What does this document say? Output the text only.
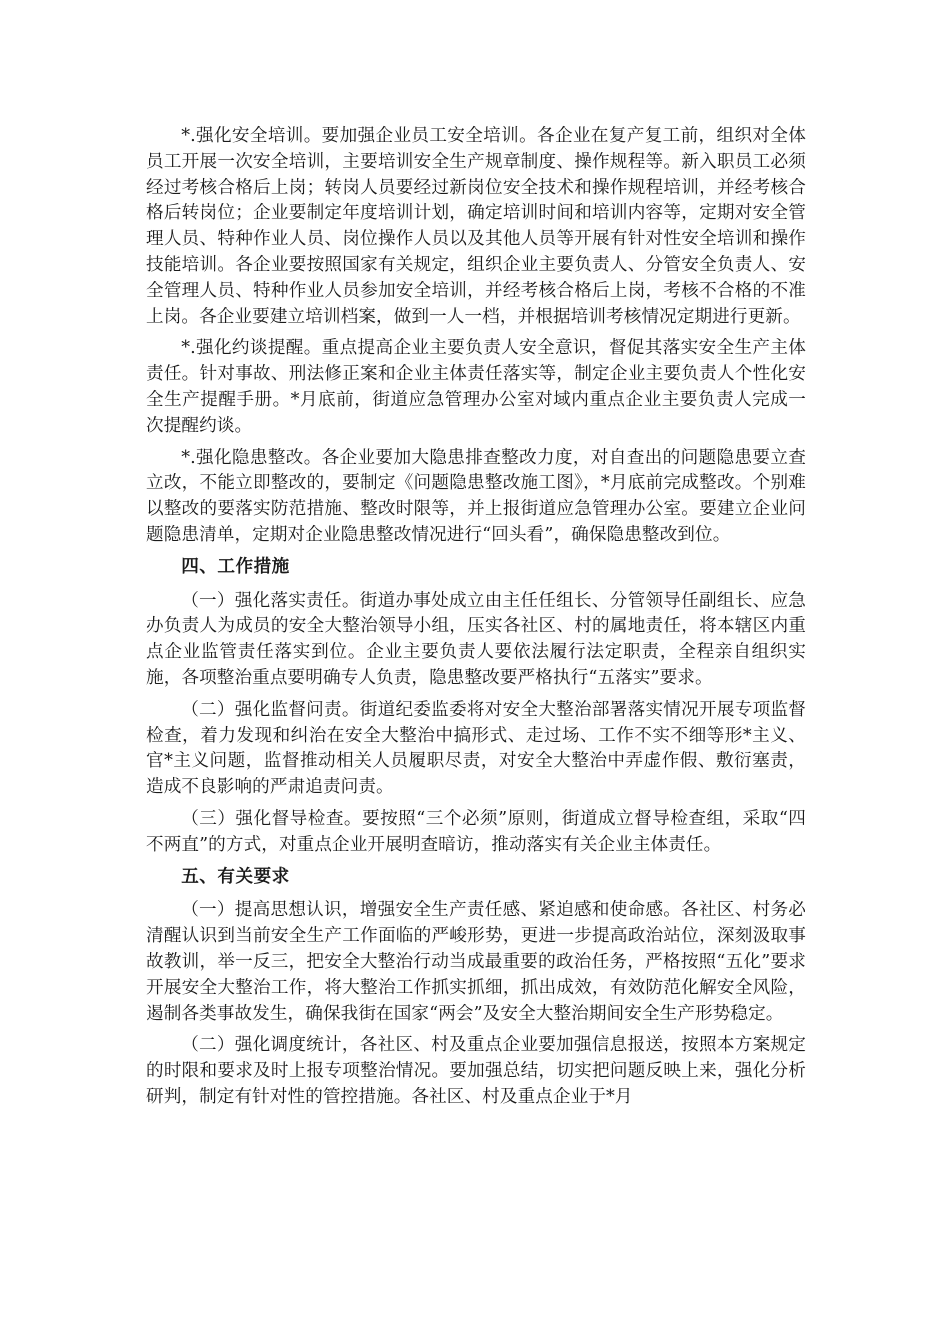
*.强化安全培训。要加强企业员工安全培训。各企业在复产复工前，组织对全体员工开展一次安全培训，主要培训安全生产规章制度、操作规程等。新入职员工必须经过考核合格后上岗；转岗人员要经过新岗位安全技术和操作规程培训，并经考核合格后转岗位；企业要制定年度培训计划，确定培训时间和培训内容等，定期对安全管理人员、特种作业人员、岗位操作人员以及其他人员等开展有针对性安全培训和操作技能培训。各企业要按照国家有关规定，组织企业主要负责人、分管安全负责人、安全管理人员、特种作业人员参加安全培训，并经考核合格后上岗，考核不合格的不准上岗。各企业要建立培训档案，做到一人一档，并根据培训考核情况定期进行更新。

*.强化约谈提醒。重点提高企业主要负责人安全意识，督促其落实安全生产主体责任。针对事故、刑法修正案和企业主体责任落实等，制定企业主要负责人个性化安全生产提醒手册。*月底前，街道应急管理办公室对域内重点企业主要负责人完成一次提醒约谈。

*.强化隐患整改。各企业要加大隐患排查整改力度，对自查出的问题隐患要立查立改，不能立即整改的，要制定《问题隐患整改施工图》，*月底前完成整改。个别难以整改的要落实防范措施、整改时限等，并上报街道应急管理办公室。要建立企业问题隐患清单，定期对企业隐患整改情况进行“回头看”，确保隐患整改到位。

四、工作措施

（一）强化落实责任。街道办事处成立由主任任组长、分管领导任副组长、应急办负责人为成员的安全大整治领导小组，压实各社区、村的属地责任，将本辖区内重点企业监管责任落实到位。企业主要负责人要依法履行法定职责，全程亲自组织实施，各项整治重点要明确专人负责，隐患整改要严格执行“五落实”要求。

（二）强化监督问责。街道纪委监委将对安全大整治部署落实情况开展专项监督检查，着力发现和纠治在安全大整治中搞形式、走过场、工作不实不细等形*主义、官*主义问题，监督推动相关人员履职尽责，对安全大整治中弄虚作假、敷衍塞责，造成不良影响的严肃追责问责。

（三）强化督导检查。要按照“三个必须”原则，街道成立督导检查组，采取“四不两直”的方式，对重点企业开展明查暗访，推动落实有关企业主体责任。

五、有关要求

（一）提高思想认识，增强安全生产责任感、紧迫感和使命感。各社区、村务必清醒认识到当前安全生产工作面临的严峻形势，更进一步提高政治站位，深刻汲取事故教训，举一反三，把安全大整治行动当成最重要的政治任务，严格按照“五化”要求开展安全大整治工作，将大整治工作抓实抓细，抓出成效，有效防范化解安全风险，遏制各类事故发生，确保我街在国家“两会”及安全大整治期间安全生产形势稳定。

（二）强化调度统计，各社区、村及重点企业要加强信息报送，按照本方案规定的时限和要求及时上报专项整治情况。要加强总结，切实把问题反映上来，强化分析研判，制定有针对性的管控措施。各社区、村及重点企业于*月
